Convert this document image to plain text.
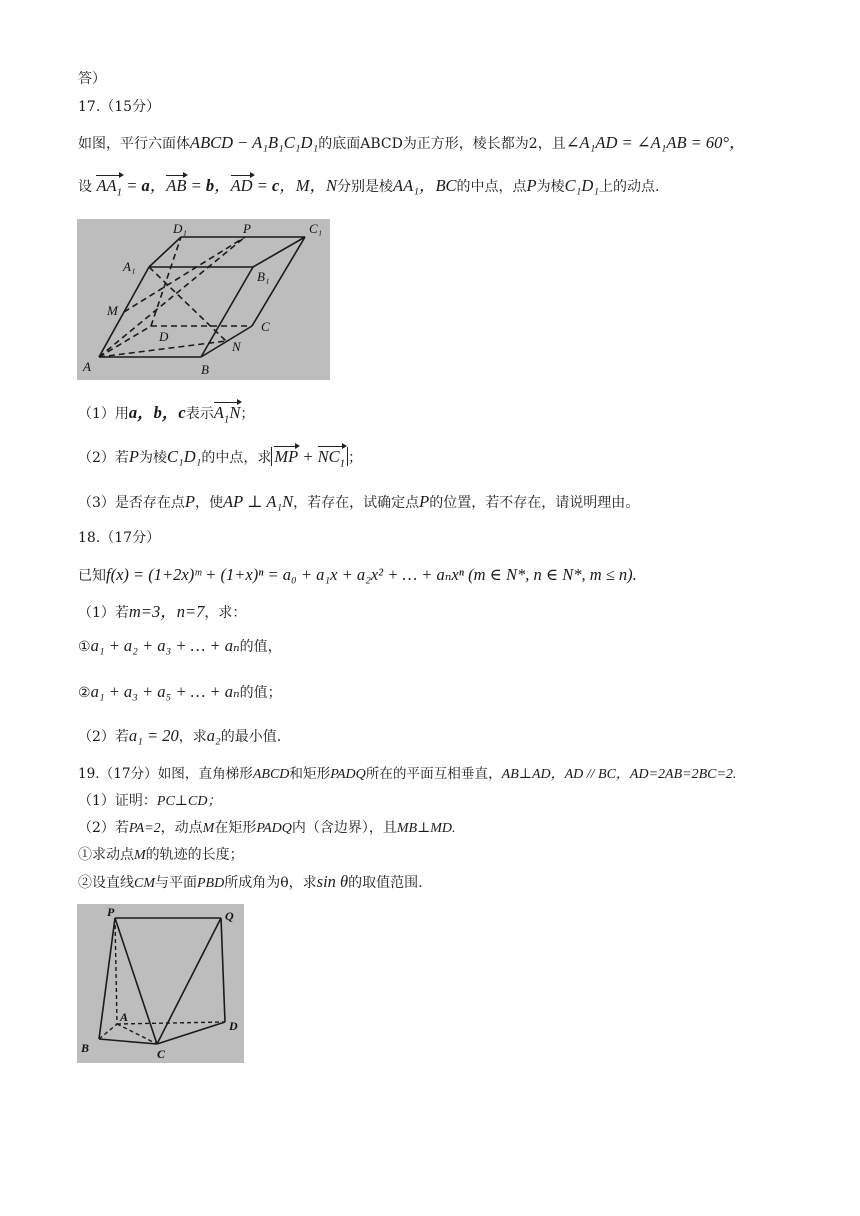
答）
17.（15分）
如图，平行六面体ABCD − A₁B₁C₁D₁的底面ABCD为正方形，棱长都为2，且∠A₁AD = ∠A₁AB = 60°，
设 $AA_1 = a$，AB = b，AD = c，M，N分别是棱AA₁，BC的中点，点P为棱C₁D₁上的动点.
D₁	P	C₁
A₁
B₁
M
D
C
N
A	B
（1）用a，b，c表示$A_1N$；
（2）若P为棱C₁D₁的中点，求 MP + $NC_1$ ；
（3）是否存在点P，使AP ⊥ A₁N，若存在，试确定点P的位置，若不存在，请说明理由。
18.（17分）
已知f(x) = (1+2x)ᵐ + (1+x)ⁿ = a₀ + a₁x + a₂x² + … + aₙxⁿ (m ∈ N*, n ∈ N*, m ≤ n).
（1）若m=3，n=7，求：
①a₁ + a₂ + a₃ + … + aₙ的值，
②a₁ + a₃ + a₅ + … + aₙ的值；
（2）若a₁ = 20，求a₂的最小值.
19.（17分）如图，直角梯形ABCD和矩形PADQ所在的平面互相垂直，AB⊥AD，AD // BC，AD=2AB=2BC=2.
（1）证明：PC⊥CD；
（2）若PA=2，动点M在矩形PADQ内（含边界），且MB⊥MD.
①求动点M的轨迹的长度；
②设直线CM与平面PBD所成角为θ，求sin θ的取值范围.
P	Q
A
D
B	C
